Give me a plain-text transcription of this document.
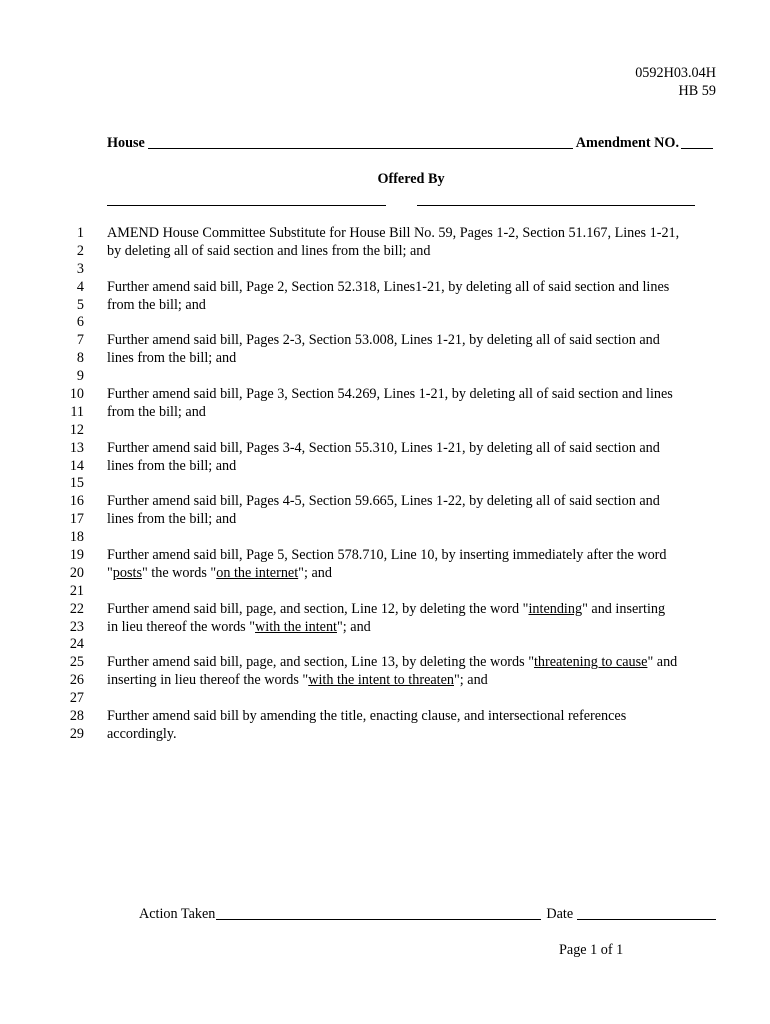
0592H03.04H
HB 59
House	Amendment NO.
Offered By
1 AMEND House Committee Substitute for House Bill No. 59, Pages 1-2, Section 51.167, Lines 1-21,
2 by deleting all of said section and lines from the bill; and
3
4 Further amend said bill, Page 2, Section 52.318, Lines1-21, by deleting all of said section and lines
5 from the bill; and
6
7 Further amend said bill, Pages 2-3, Section 53.008, Lines 1-21, by deleting all of said section and
8 lines from the bill; and
9
10 Further amend said bill, Page 3, Section 54.269, Lines 1-21, by deleting all of said section and lines
11 from the bill; and
12
13 Further amend said bill, Pages 3-4, Section 55.310, Lines 1-21, by deleting all of said section and
14 lines from the bill; and
15
16 Further amend said bill, Pages 4-5, Section 59.665, Lines 1-22, by deleting all of said section and
17 lines from the bill; and
18
19 Further amend said bill, Page 5, Section 578.710, Line 10, by inserting immediately after the word
20 "posts" the words "on the internet"; and
21
22 Further amend said bill, page, and section, Line 12, by deleting the word "intending" and inserting
23 in lieu thereof the words "with the intent"; and
24
25 Further amend said bill, page, and section, Line 13, by deleting the words "threatening to cause" and
26 inserting in lieu thereof the words "with the intent to threaten"; and
27
28 Further amend said bill by amending the title, enacting clause, and intersectional references
29 accordingly.
Action Taken	Date
Page 1 of 1
